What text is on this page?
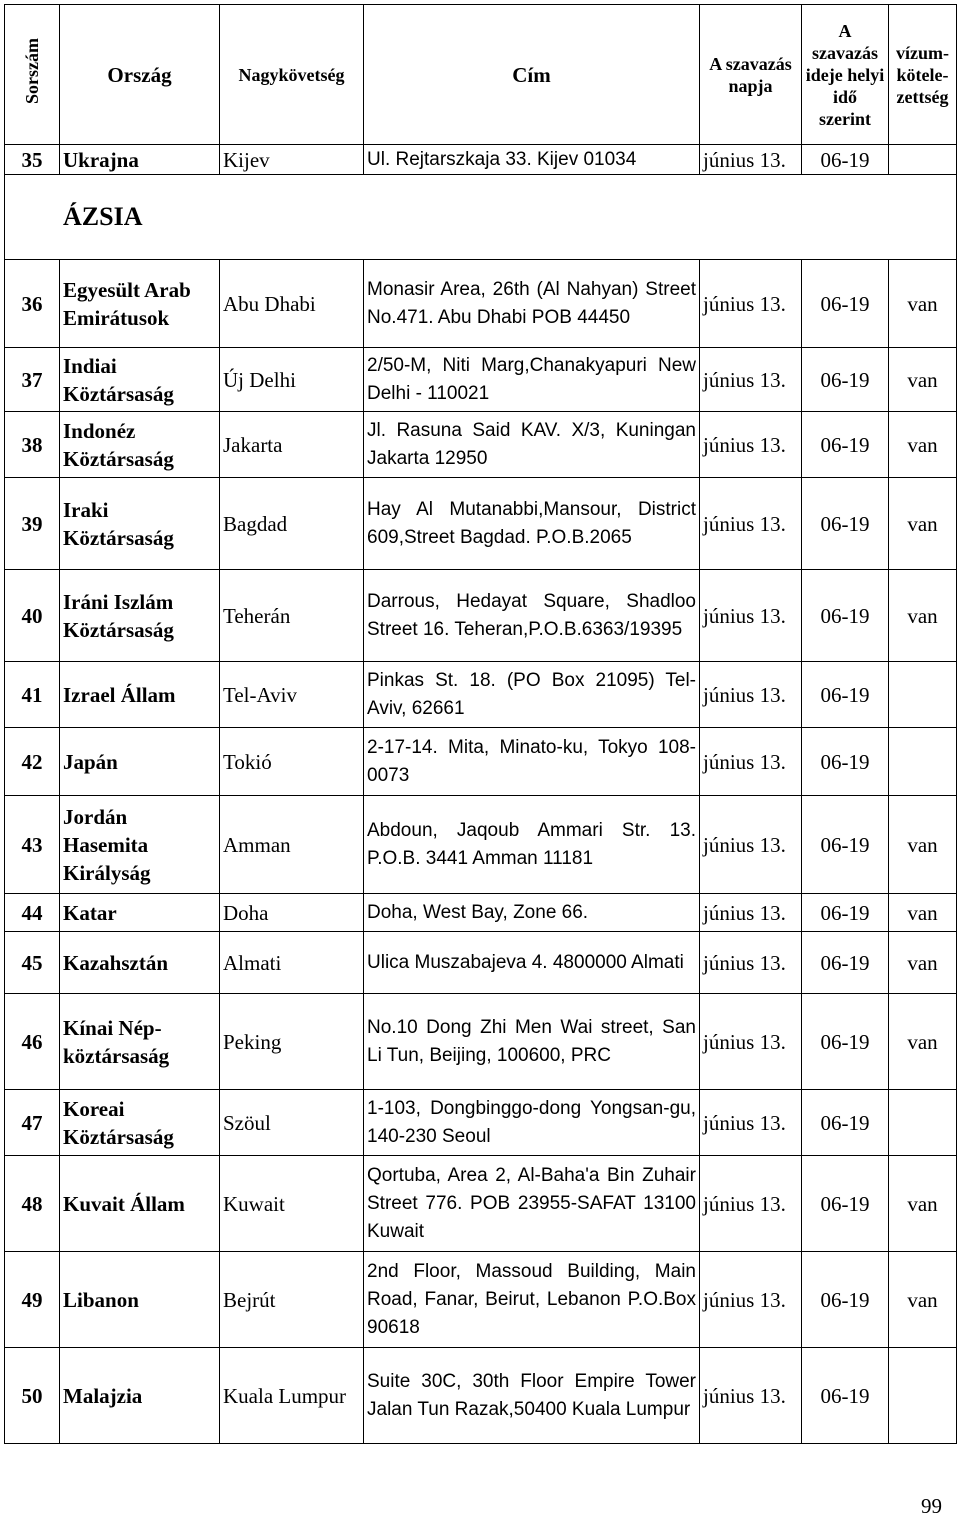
Sorszám	Ország	Nagykövetség	Cím	A szavazás napja	A szavazás ideje helyi idő szerint	vízum-kötele-zettség
35	Ukrajna	Kijev	Ul. Rejtarszkaja 33. Kijev 01034	június 13.	06-19	
ÁZSIA						
36	Egyesült Arab Emirátusok	Abu Dhabi	Monasir Area, 26th (Al Nahyan) Street No.471. Abu Dhabi POB 44450	június 13.	06-19	van
37	Indiai Köztársaság	Új Delhi	2/50-M, Niti Marg,Chanakyapuri New Delhi - 110021	június 13.	06-19	van
38	Indonéz Köztársaság	Jakarta	Jl. Rasuna Said KAV. X/3, Kuningan Jakarta 12950	június 13.	06-19	van
39	Iraki Köztársaság	Bagdad	Hay Al Mutanabbi,Mansour, District 609,Street Bagdad. P.O.B.2065	június 13.	06-19	van
40	Iráni Iszlám Köztársaság	Teherán	Darrous, Hedayat Square, Shadloo Street 16. Teheran,P.O.B.6363/19395	június 13.	06-19	van
41	Izrael Állam	Tel-Aviv	Pinkas St. 18. (PO Box 21095) Tel-Aviv, 62661	június 13.	06-19	
42	Japán	Tokió	2-17-14. Mita, Minato-ku, Tokyo 108-0073	június 13.	06-19	
43	Jordán Hasemita Királyság	Amman	Abdoun, Jaqoub Ammari Str. 13. P.O.B. 3441 Amman 11181	június 13.	06-19	van
44	Katar	Doha	Doha, West Bay, Zone 66.	június 13.	06-19	van
45	Kazahsztán	Almati	Ulica Muszabajeva 4. 4800000 Almati	június 13.	06-19	van
46	Kínai Nép-köztársaság	Peking	No.10 Dong Zhi Men Wai street, San Li Tun, Beijing, 100600, PRC	június 13.	06-19	van
47	Koreai Köztársaság	Szöul	1-103, Dongbinggo-dong Yongsan-gu, 140-230 Seoul	június 13.	06-19	
48	Kuvait Állam	Kuwait	Qortuba, Area 2, Al-Baha'a Bin Zuhair Street 776. POB 23955-SAFAT 13100 Kuwait	június 13.	06-19	van
49	Libanon	Bejrút	2nd Floor, Massoud Building, Main Road, Fanar, Beirut, Lebanon P.O.Box 90618	június 13.	06-19	van
50	Malajzia	Kuala Lumpur	Suite 30C, 30th Floor Empire Tower Jalan Tun Razak,50400 Kuala Lumpur	június 13.	06-19	
99
